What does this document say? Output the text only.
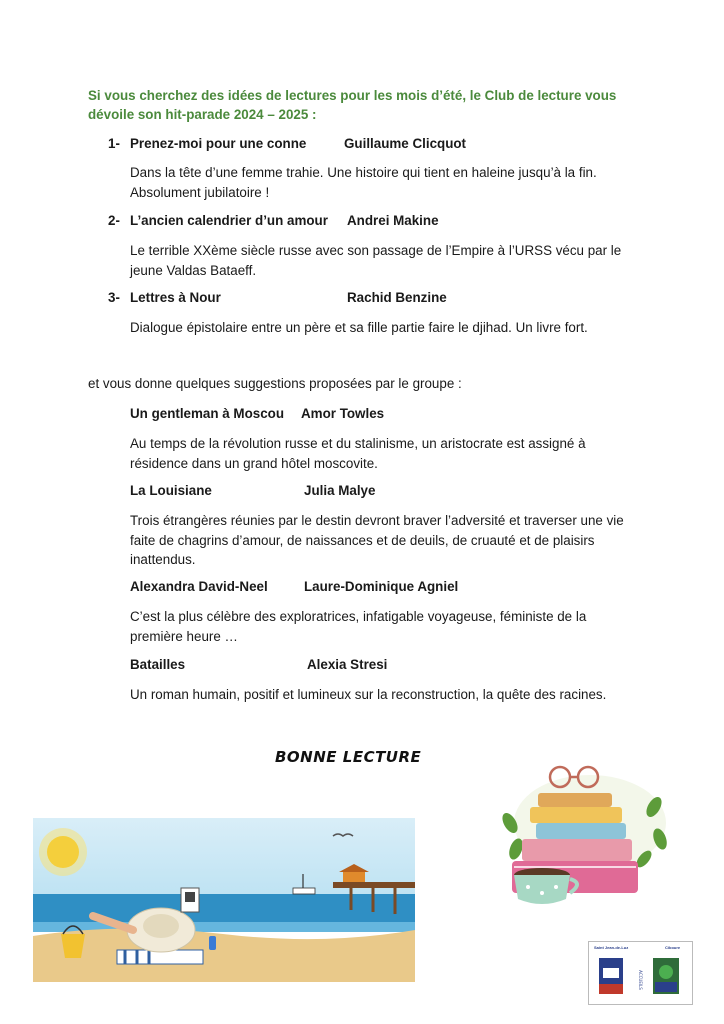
Si vous cherchez des idées de lectures pour les mois d’été, le Club de lecture vous dévoile son hit-parade 2024 – 2025 :
1- Prenez-moi pour une conne	Guillaume Clicquot
Dans la tête d’une femme trahie. Une histoire qui tient en haleine jusqu’à la fin. Absolument jubilatoire !
2- L’ancien calendrier d’un amour Andrei Makine
Le terrible XXème siècle russe avec son passage de l’Empire à l’URSS vécu par le jeune Valdas Bataeff.
3- Lettres à Nour	Rachid Benzine
Dialogue épistolaire entre un père et sa fille partie faire le djihad. Un livre fort.
et vous donne quelques suggestions proposées par le groupe :
Un gentleman à Moscou Amor Towles
Au temps de la révolution russe et du stalinisme, un aristocrate est assigné à résidence dans un grand hôtel moscovite.
La Louisiane	Julia Malye
Trois étrangères réunies par le destin devront braver l’adversité et traverser une vie faite de chagrins d’amour, de naissances et de deuils, de cruauté et de plaisirs inattendus.
Alexandra David-Neel	Laure-Dominique Agniel
C’est la plus célèbre des exploratrices, infatigable voyageuse, féministe de la première heure …
Batailles	Alexia Stresi
Un roman humain, positif et lumineux sur la reconstruction, la quête des racines.
BONNE LECTURE
Saint Jean-de-Luz	Ciboure
ACCUEILS
